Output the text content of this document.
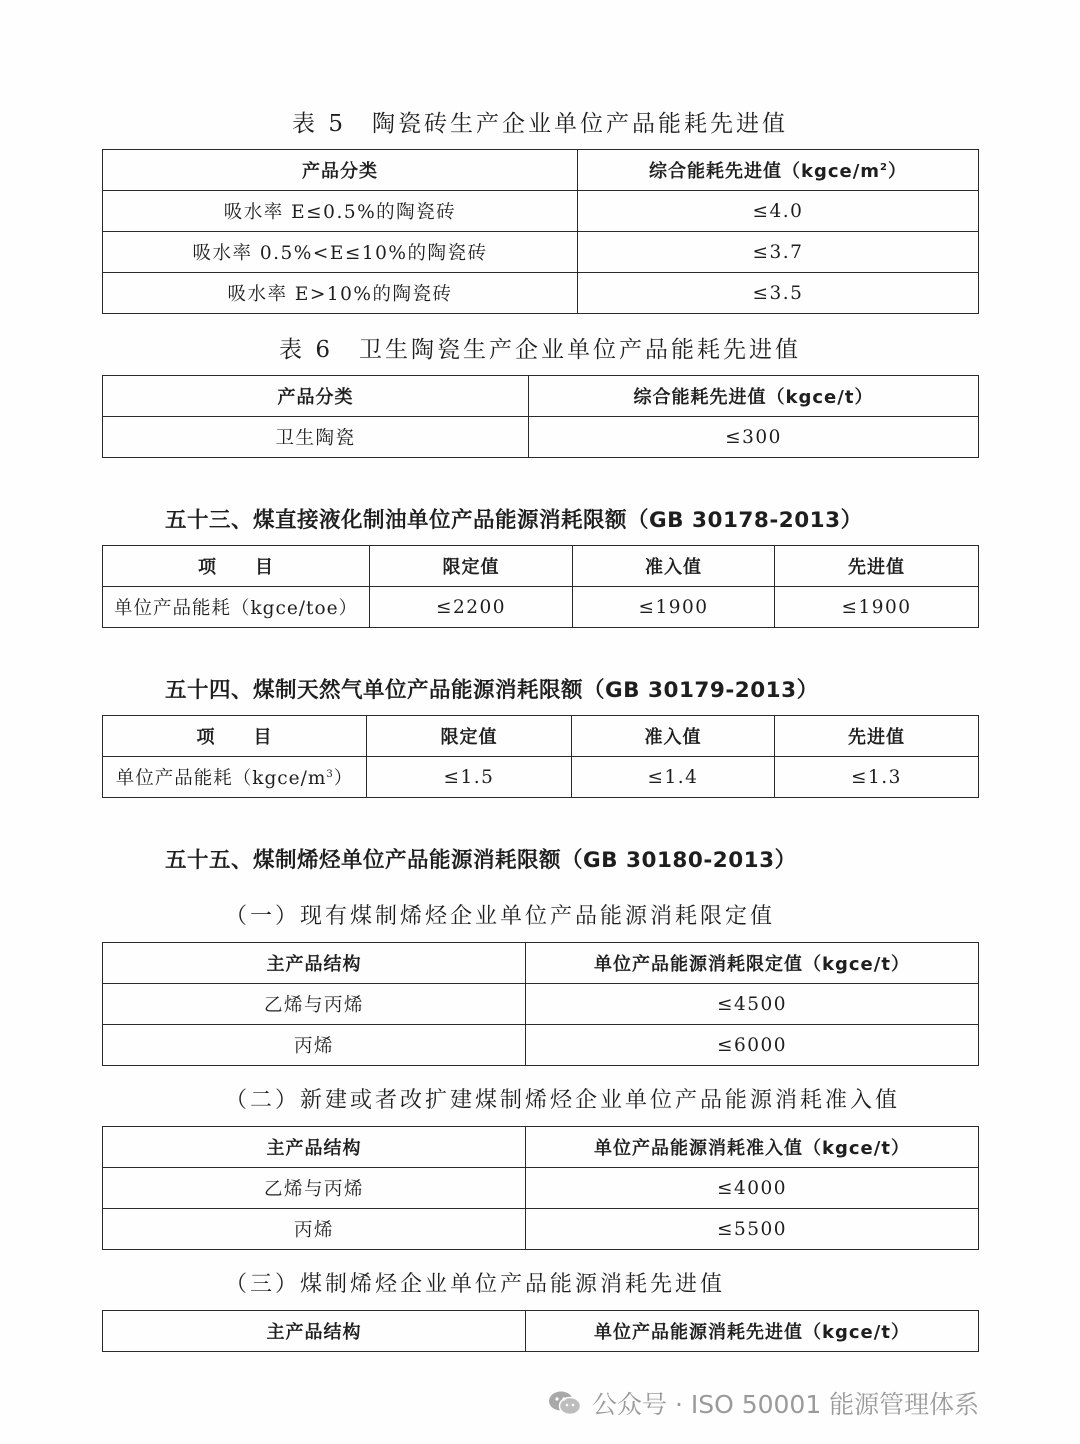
表 5　陶瓷砖生产企业单位产品能耗先进值
产品分类	综合能耗先进值$(kgce/m^2)$
吸水率 E≤0.5%的陶瓷砖	≤4.0
吸水率 0.5%<E≤10%的陶瓷砖	≤3.7
吸水率 E>10%的陶瓷砖	≤3.5
表 6　卫生陶瓷生产企业单位产品能耗先进值
产品分类	综合能耗先进值（kgce/t）
卫生陶瓷	≤300
五十三、煤直接液化制油单位产品能源消耗限额（GB 30178-2013）
项　　目	限定值	准入值	先进值
单位产品能耗（kgce/toe）	≤2200	≤1900	≤1900
五十四、煤制天然气单位产品能源消耗限额（GB 30179-2013）
项　　目	限定值	准入值	先进值
单位产品能耗$(kgce/m^3)$	≤1.5	≤1.4	≤1.3
五十五、煤制烯烃单位产品能源消耗限额（GB 30180-2013）
（一）现有煤制烯烃企业单位产品能源消耗限定值
主产品结构	单位产品能源消耗限定值（kgce/t）
乙烯与丙烯	≤4500
丙烯	≤6000
（二）新建或者改扩建煤制烯烃企业单位产品能源消耗准入值
主产品结构	单位产品能源消耗准入值（kgce/t）
乙烯与丙烯	≤4000
丙烯	≤5500
（三）煤制烯烃企业单位产品能源消耗先进值
主产品结构	单位产品能源消耗先进值（kgce/t）
公众号 · ISO 50001 能源管理体系
